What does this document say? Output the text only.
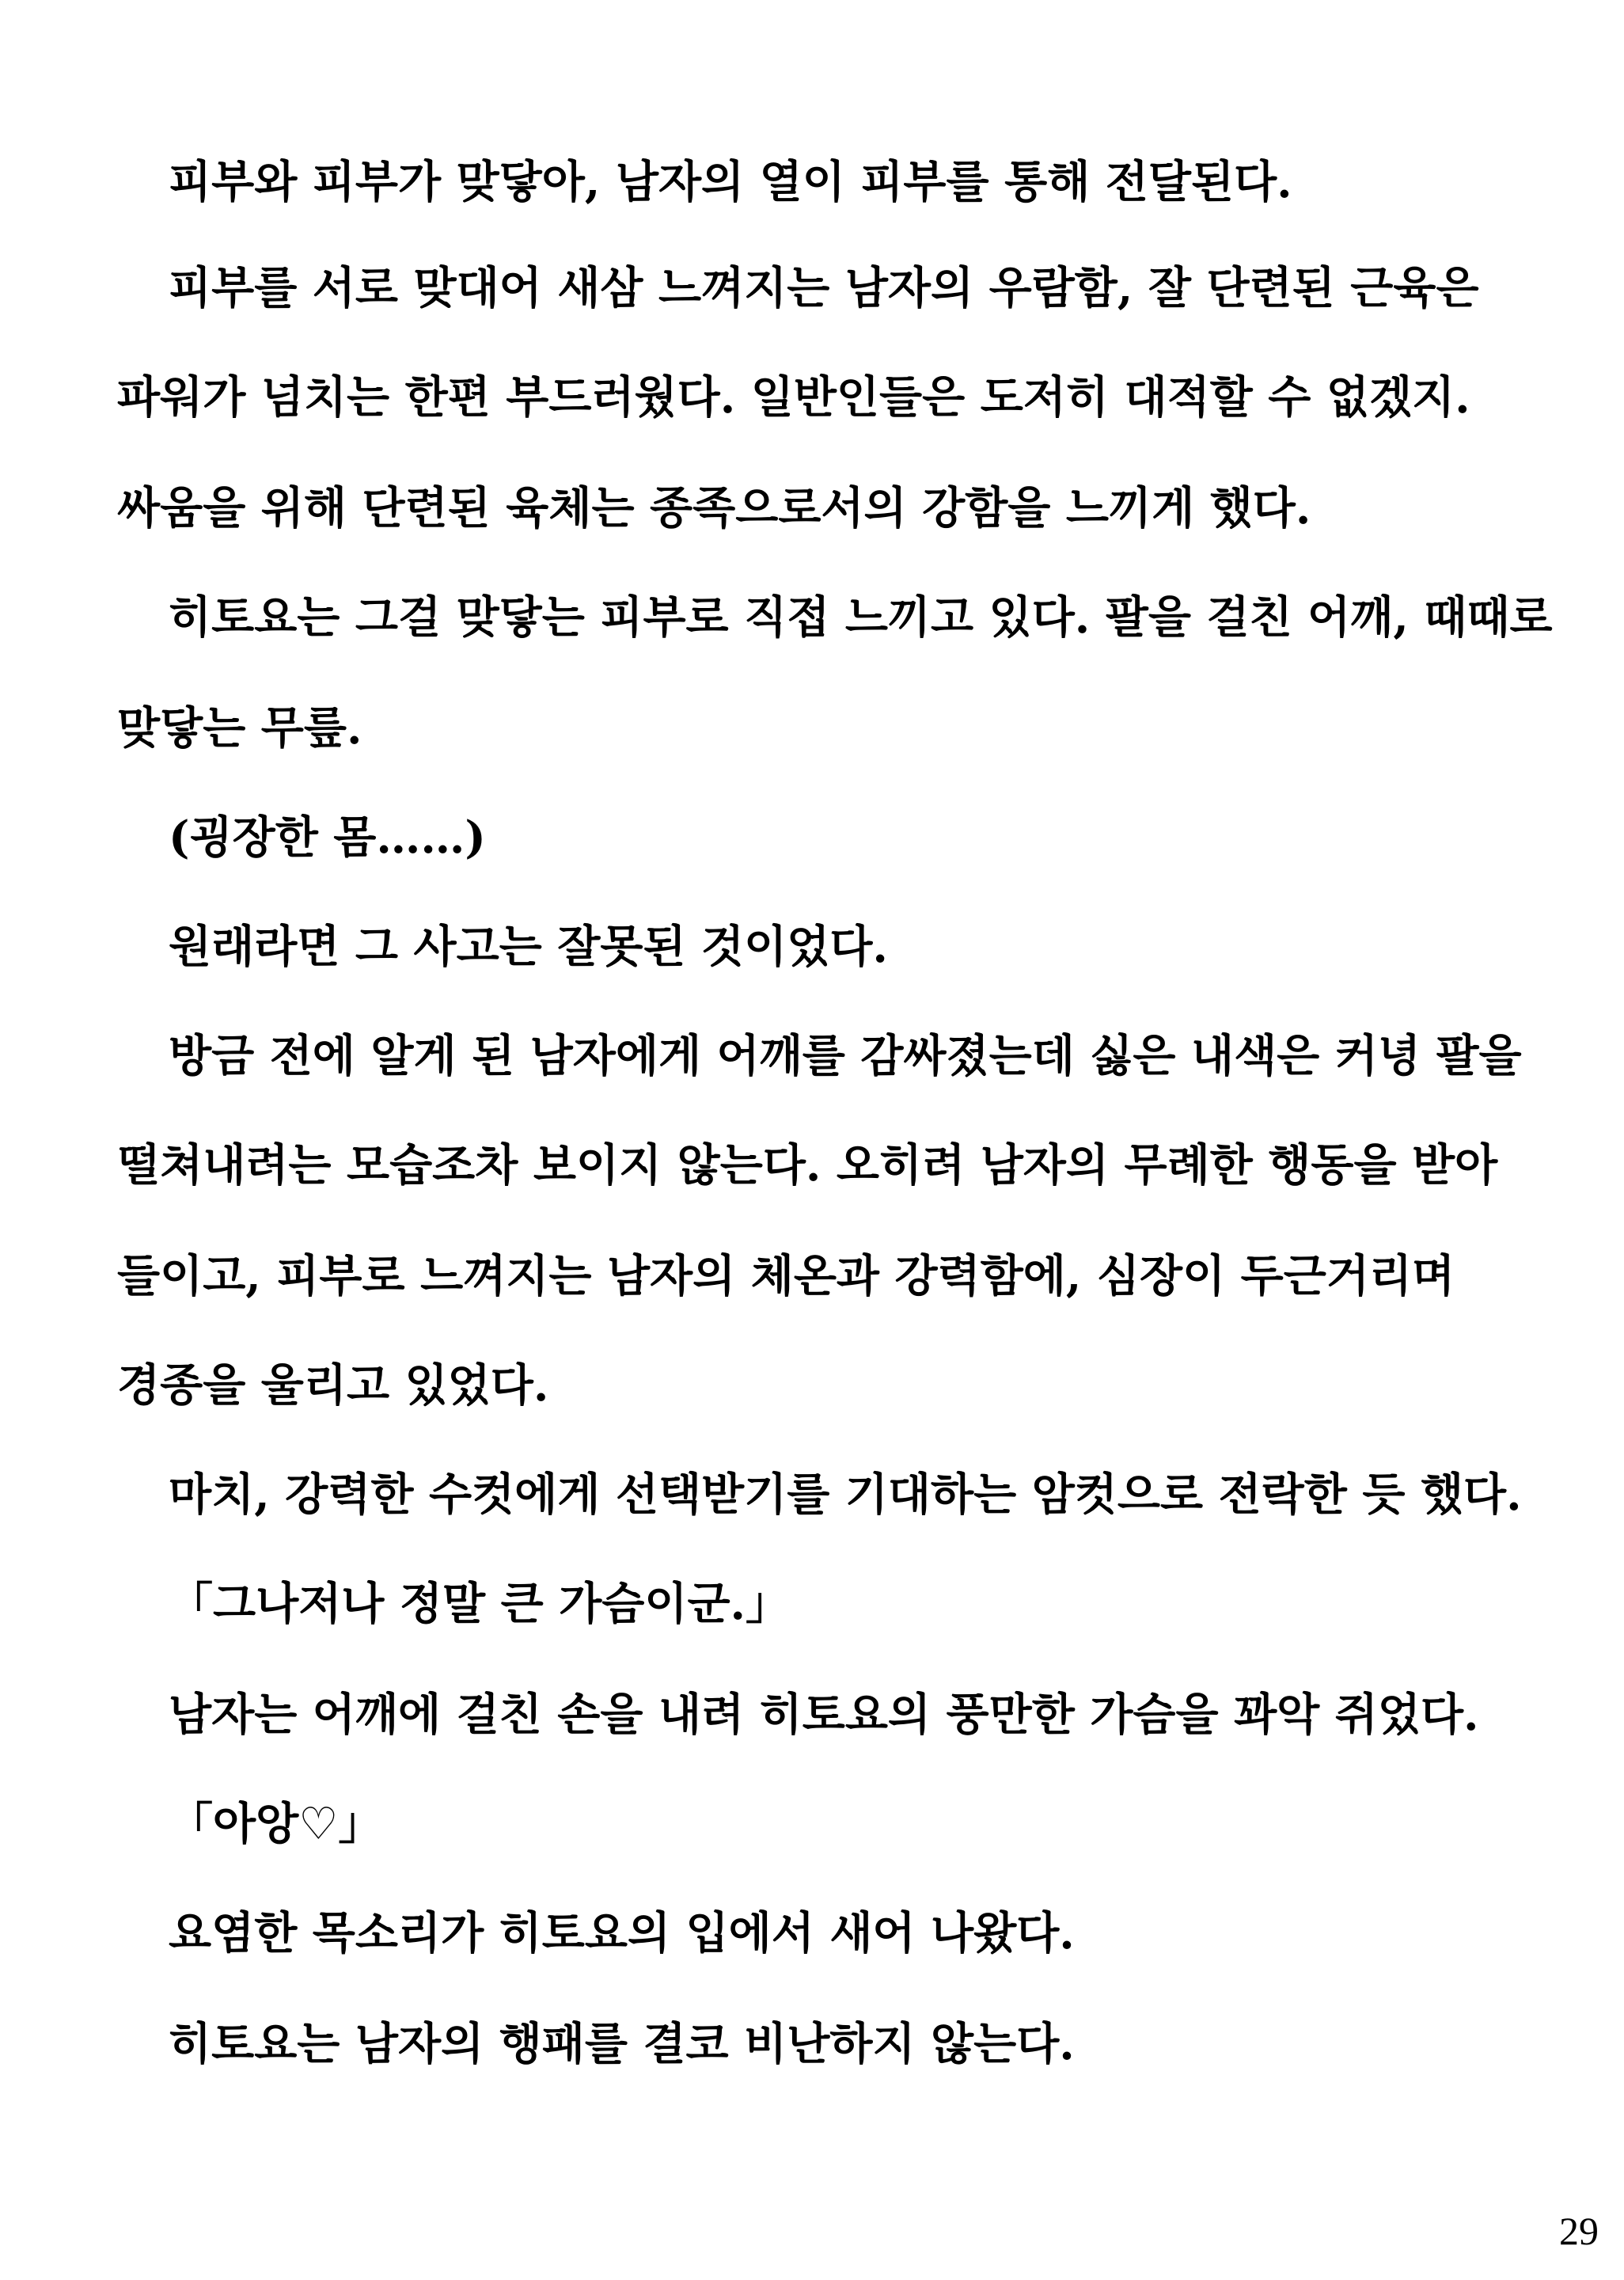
피부와 피부가 맞닿아, 남자의 열이 피부를 통해 전달된다.
피부를 서로 맞대어 새삼 느껴지는 남자의 우람함, 잘 단련된 근육은
파워가 넘치는 한편 부드러웠다. 일반인들은 도저히 대적할 수 없겠지.
싸움을 위해 단련된 육체는 종족으로서의 강함을 느끼게 했다.
히토요는 그걸 맞닿는 피부로 직접 느끼고 있다. 팔을 걸친 어깨, 때때로
맞닿는 무릎.
(굉장한 몸……)
원래라면 그 사고는 잘못된 것이었다.
방금 전에 알게 된 남자에게 어깨를 감싸졌는데 싫은 내색은 커녕 팔을
떨쳐내려는 모습조차 보이지 않는다. 오히려 남자의 무례한 행동을 받아
들이고, 피부로 느껴지는 남자의 체온과 강력함에, 심장이 두근거리며
경종을 울리고 있었다.
마치, 강력한 수컷에게 선택받기를 기대하는 암컷으로 전락한 듯 했다.
「그나저나 정말 큰 가슴이군.」
남자는 어깨에 걸친 손을 내려 히토요의 풍만한 가슴을 꽈악 쥐었다.
「아앙♡」
요염한 목소리가 히토요의 입에서 새어 나왔다.
히토요는 남자의 행패를 결코 비난하지 않는다.
29
